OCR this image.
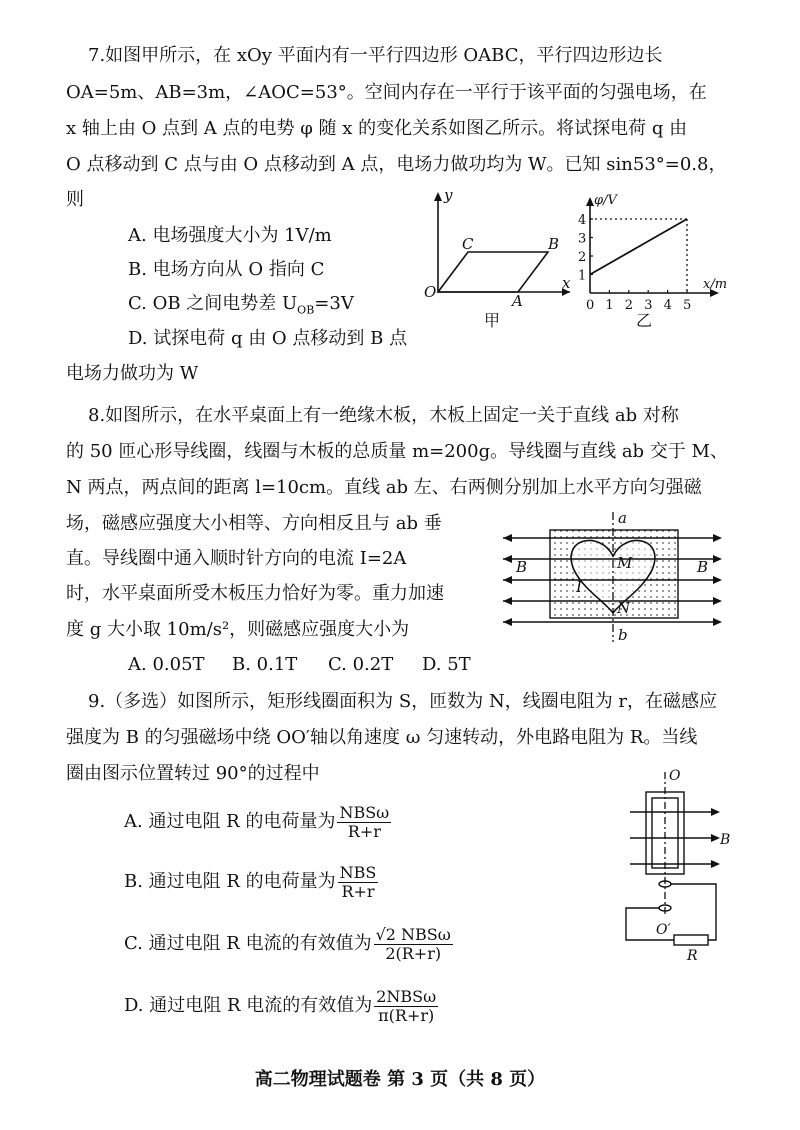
7.如图甲所示，在 xOy 平面内有一平行四边形 OABC，平行四边形边长
OA=5m、AB=3m，∠AOC=53°。空间内存在一平行于该平面的匀强电场，在
x 轴上由 O 点到 A 点的电势 φ 随 x 的变化关系如图乙所示。将试探电荷 q 由
O 点移动到 C 点与由 O 点移动到 A 点，电场力做功均为 W。已知 sin53°=0.8，
则
A. 电场强度大小为 1V/m
B. 电场方向从 O 指向 C
C. OB 之间电势差 $U_{OB}=3V$
D. 试探电荷 q 由 O 点移动到 B 点
电场力做功为 W
y
x
O	A
B
C
甲
φ/V
x/m
乙
0 1 2 3 4 5
1
2
3
4
8.如图所示，在水平桌面上有一绝缘木板，木板上固定一关于直线 ab 对称
的 50 匝心形导线圈，线圈与木板的总质量 m=200g。导线圈与直线 ab 交于 M、
N 两点，两点间的距离 l=10cm。直线 ab 左、右两侧分别加上水平方向匀强磁
场，磁感应强度大小相等、方向相反且与 ab 垂
直。导线圈中通入顺时针方向的电流 I=2A
时，水平桌面所受木板压力恰好为零。重力加速
度 g 大小取 10m/s²，则磁感应强度大小为
A. 0.05T B. 0.1T C. 0.2T D. 5T
a
b
B	B
M
N
I
9.（多选）如图所示，矩形线圈面积为 S，匝数为 N，线圈电阻为 r，在磁感应
强度为 B 的匀强磁场中绕 OO′轴以角速度 ω 匀速转动，外电路电阻为 R。当线
圈由图示位置转过 90°的过程中
A. 通过电阻 R 的电荷量为 $\frac{\text{NBSω}}{R+r}$
B. 通过电阻 R 的电荷量为 $\frac{\text{NBS}}{R+r}$
C. 通过电阻 R 电流的有效值为 $\frac{\text{√2 NBSω}}{2(R+r)}$
D. 通过电阻 R 电流的有效值为 $\frac{\text{2NBSω}}{\pi(R+r)}$
O
O′
B
R
高二物理试题卷 第 3 页（共 8 页）
